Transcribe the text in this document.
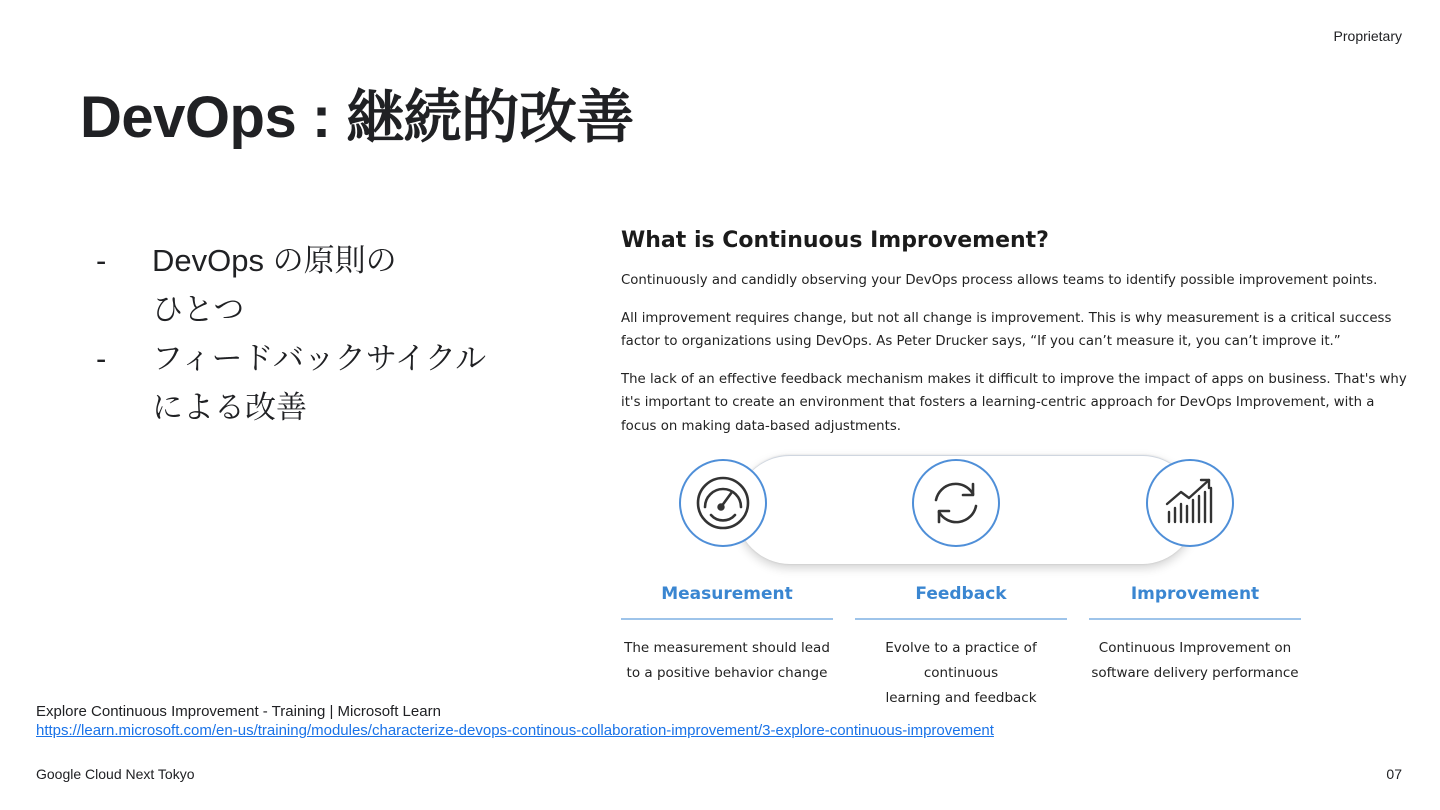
Proprietary
DevOps : 継続的改善
- DevOps の原則の
ひとつ
- フィードバックサイクル
による改善
What is Continuous Improvement?

Continuously and candidly observing your DevOps process allows teams to identify possible improvement points.

All improvement requires change, but not all change is improvement. This is why measurement is a critical success factor to organizations using DevOps. As Peter Drucker says, “If you can’t measure it, you can’t improve it.”

The lack of an effective feedback mechanism makes it difficult to improve the impact of apps on business. That's why it's important to create an environment that fosters a learning-centric approach for DevOps Improvement, with a focus on making data-based adjustments.

Measurement
The measurement should lead
to a positive behavior change
Feedback
Evolve to a practice of continuous
learning and feedback
Improvement
Continuous Improvement on
software delivery performance
Explore Continuous Improvement - Training | Microsoft Learn
https://learn.microsoft.com/en-us/training/modules/characterize-devops-continous-collaboration-improvement/3-explore-continuous-improvement
Google Cloud Next Tokyo	07
